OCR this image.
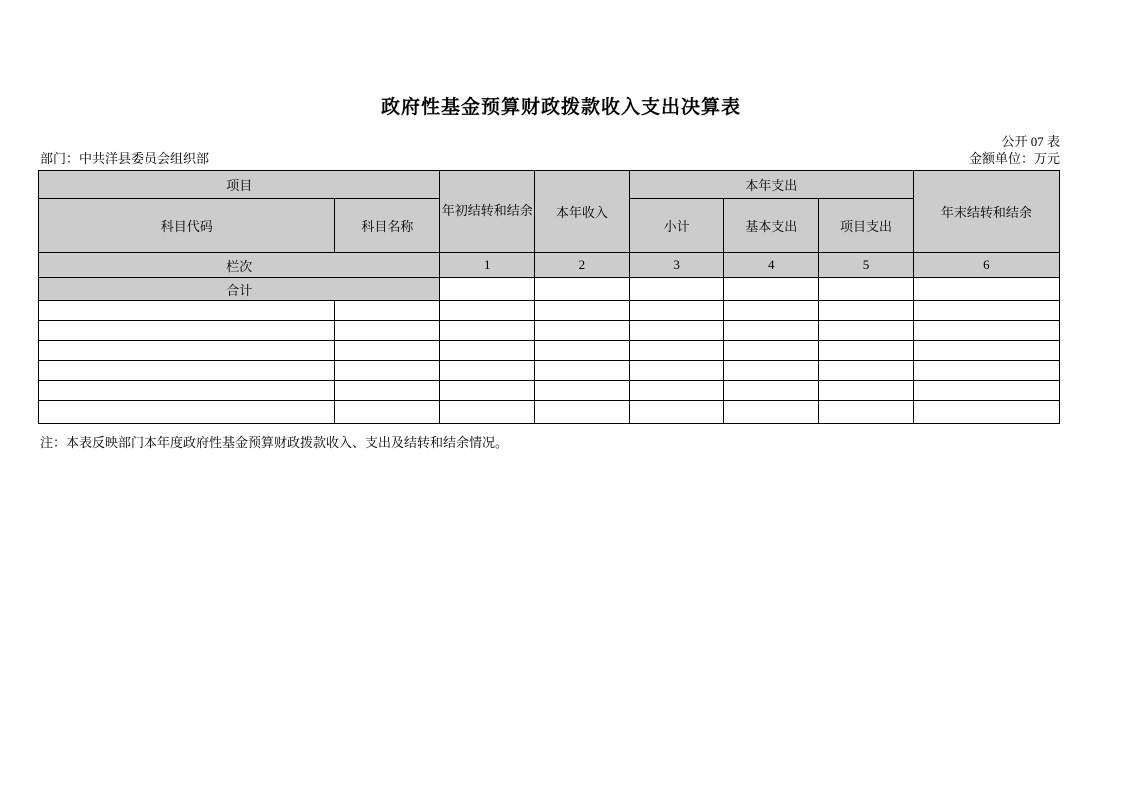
政府性基金预算财政拨款收入支出决算表
公开 07 表
部门：中共洋县委员会组织部	金额单位：万元
项目		年初结转和结余	本年收入	本年支出			年末结转和结余
科目代码	科目名称			小计	基本支出	项目支出	
栏次		1	2	3	4	5	6
合计							

注：本表反映部门本年度政府性基金预算财政拨款收入、支出及结转和结余情况。
